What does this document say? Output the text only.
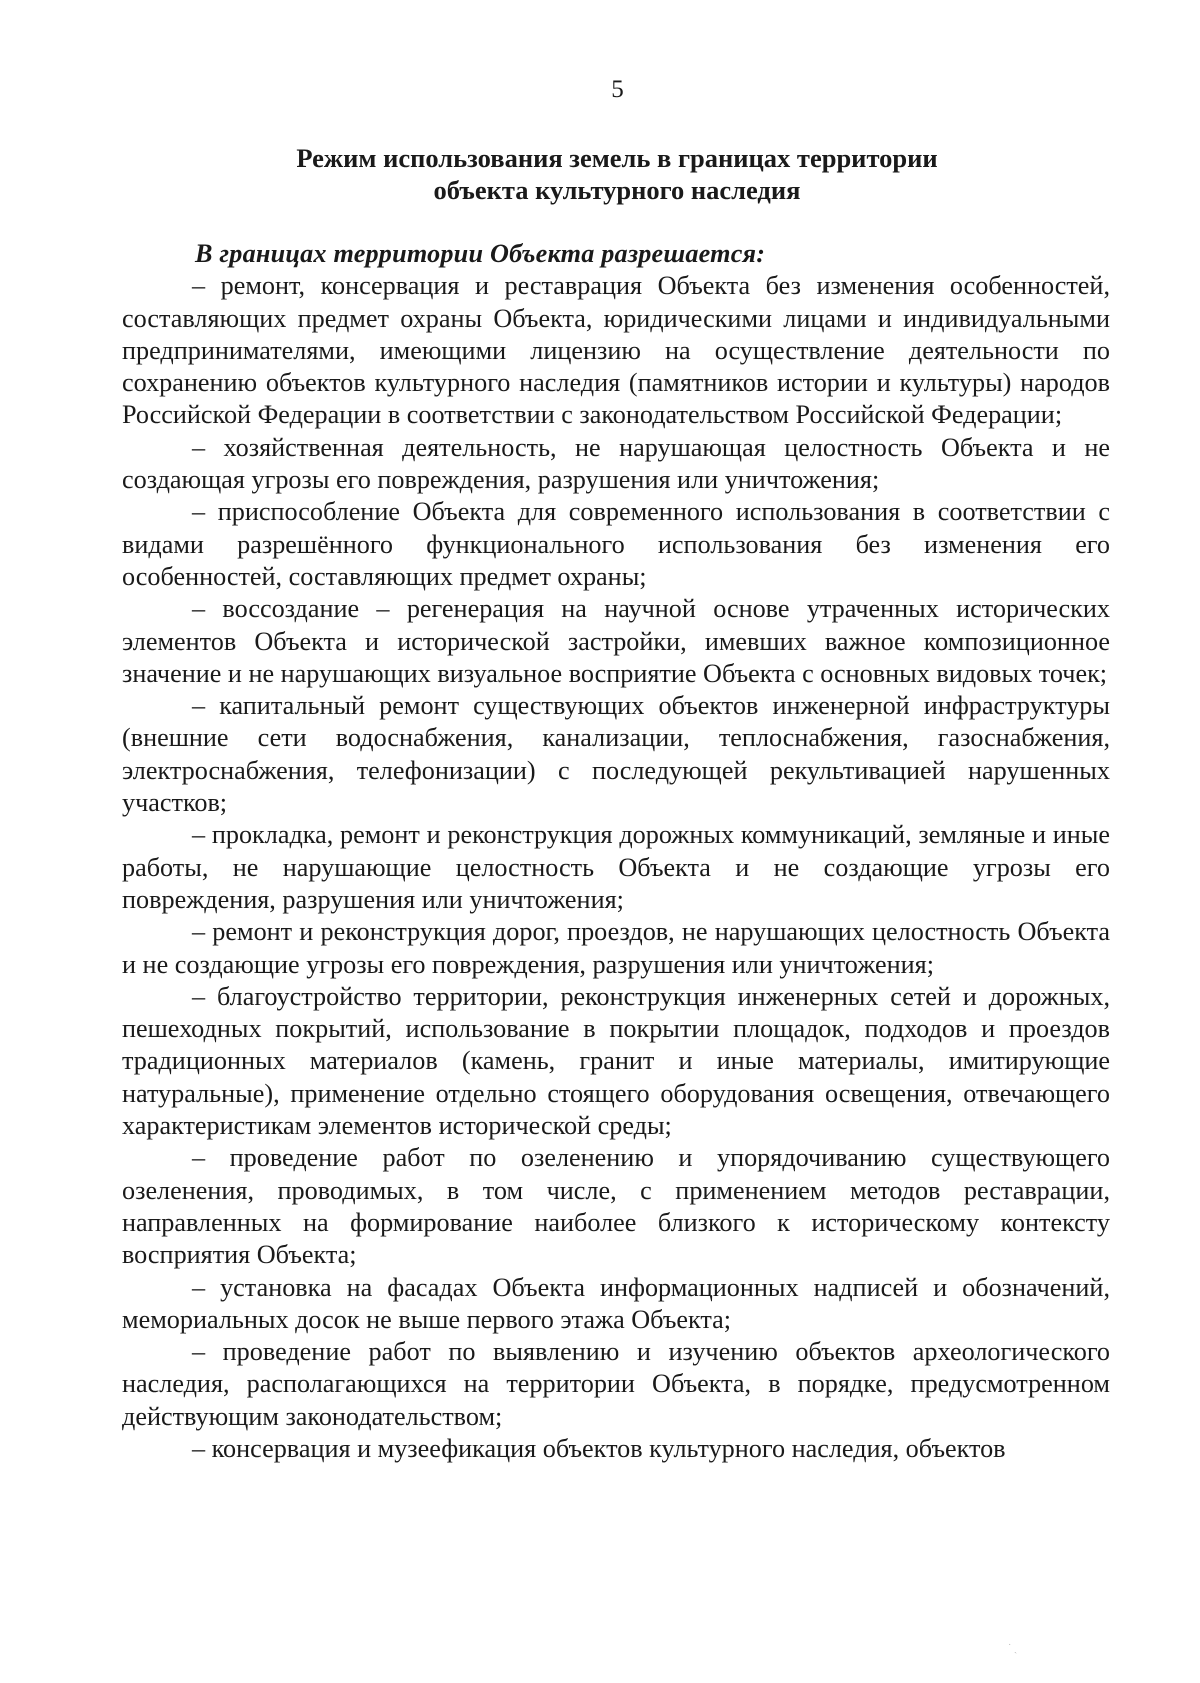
5
Режим использования земель в границах территории
объекта культурного наследия

В границах территории Объекта разрешается:

– ремонт, консервация и реставрация Объекта без изменения особенностей, составляющих предмет охраны Объекта, юридическими лицами и индивидуальными предпринимателями, имеющими лицензию на осуществление деятельности по сохранению объектов культурного наследия (памятников истории и культуры) народов Российской Федерации в соответствии с законодательством Российской Федерации;

– хозяйственная деятельность, не нарушающая целостность Объекта и не создающая угрозы его повреждения, разрушения или уничтожения;

– приспособление Объекта для современного использования в соответствии с видами разрешённого функционального использования без изменения его особенностей, составляющих предмет охраны;

– воссоздание – регенерация на научной основе утраченных исторических элементов Объекта и исторической застройки, имевших важное композиционное значение и не нарушающих визуальное восприятие Объекта с основных видовых точек;

– капитальный ремонт существующих объектов инженерной инфраструктуры (внешние сети водоснабжения, канализации, теплоснабжения, газоснабжения, электроснабжения, телефонизации) с последующей рекультивацией нарушенных участков;

– прокладка, ремонт и реконструкция дорожных коммуникаций, земляные и иные работы, не нарушающие целостность Объекта и не создающие угрозы его повреждения, разрушения или уничтожения;

– ремонт и реконструкция дорог, проездов, не нарушающих целостность Объекта и не создающие угрозы его повреждения, разрушения или уничтожения;

– благоустройство территории, реконструкция инженерных сетей и дорожных, пешеходных покрытий, использование в покрытии площадок, подходов и проездов традиционных материалов (камень, гранит и иные материалы, имитирующие натуральные), применение отдельно стоящего оборудования освещения, отвечающего характеристикам элементов исторической среды;

– проведение работ по озеленению и упорядочиванию существующего озеленения, проводимых, в том числе, с применением методов реставрации, направленных на формирование наиболее близкого к историческому контексту восприятия Объекта;

– установка на фасадах Объекта информационных надписей и обозначений, мемориальных досок не выше первого этажа Объекта;

– проведение работ по выявлению и изучению объектов археологического наследия, располагающихся на территории Объекта, в порядке, предусмотренном действующим законодательством;

– консервация и музеефикация объектов культурного наследия, объектов

˙ ˎ
